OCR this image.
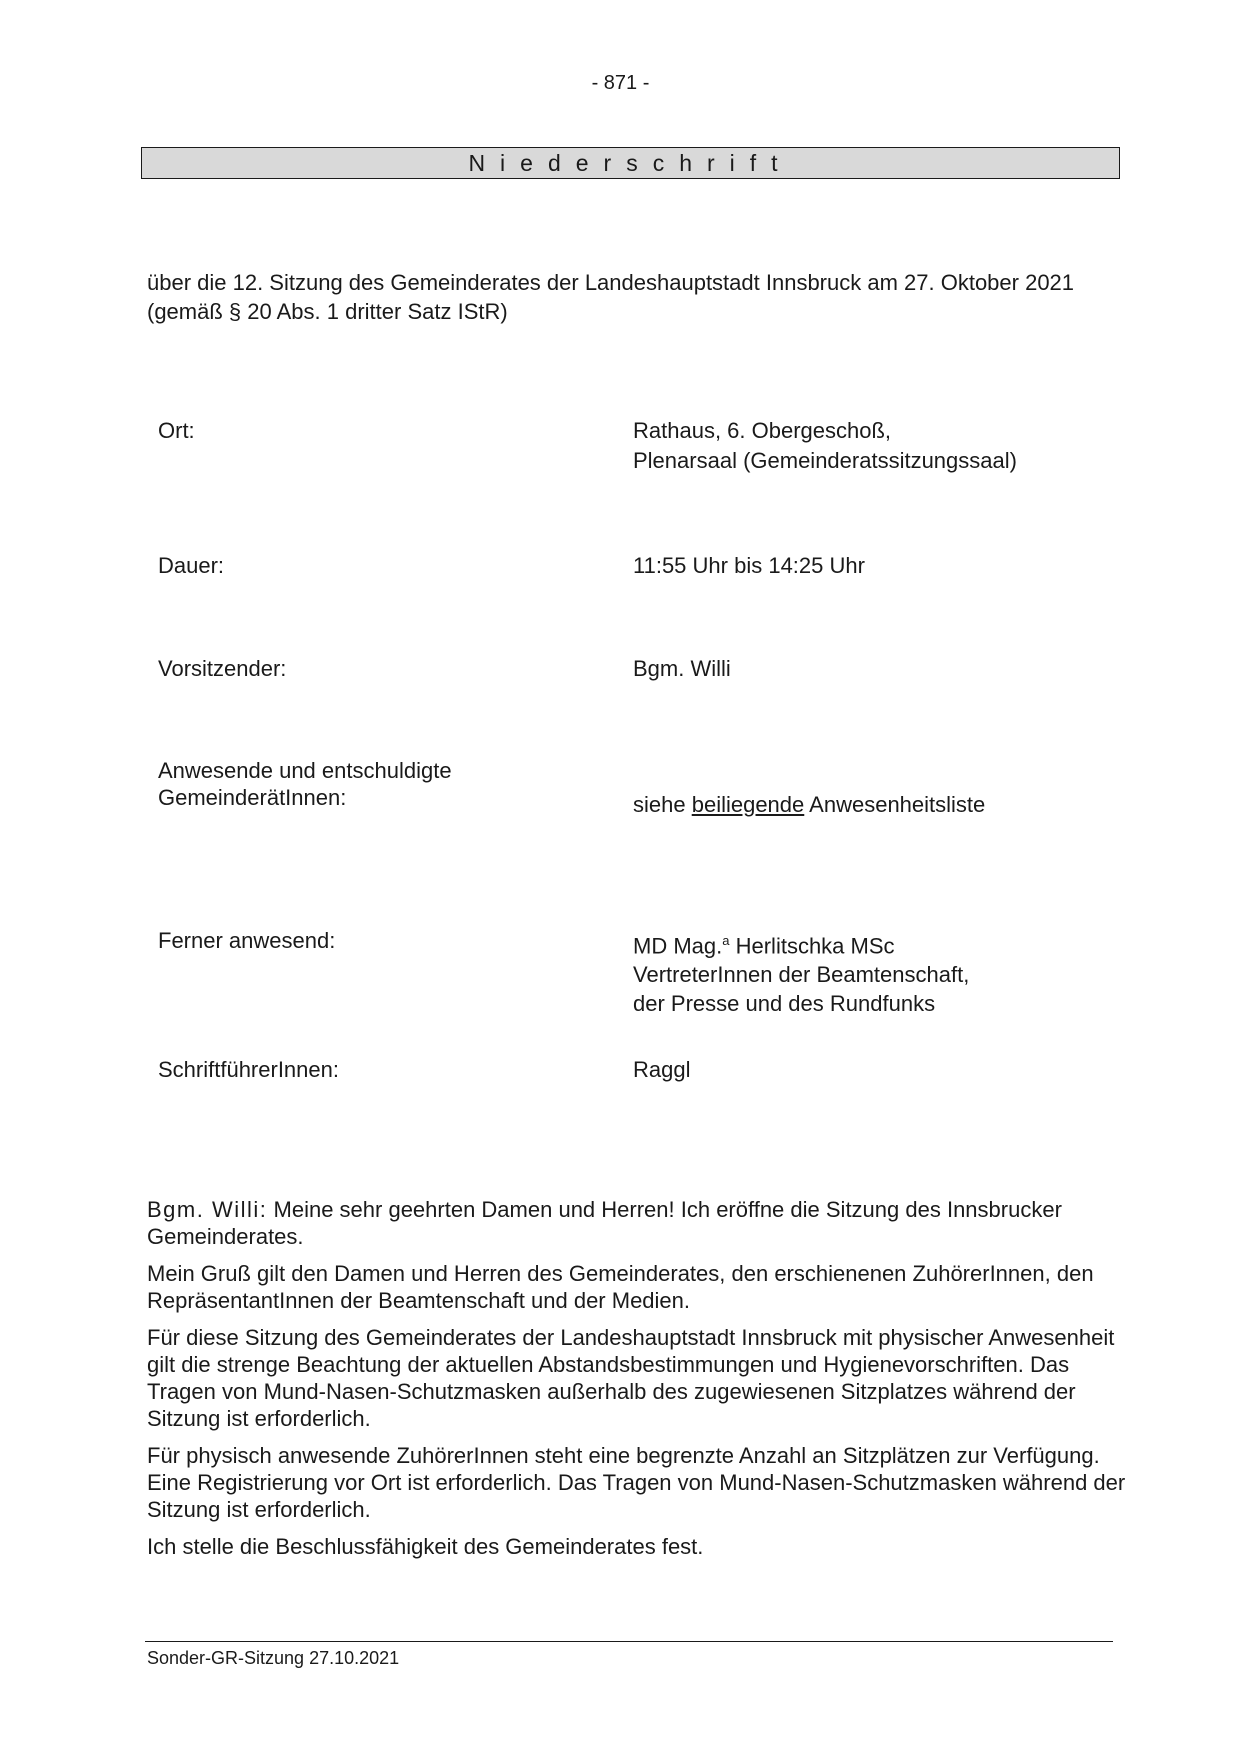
- 871 -
Niederschrift
über die 12. Sitzung des Gemeinderates der Landeshauptstadt Innsbruck am 27. Oktober 2021
(gemäß § 20 Abs. 1 dritter Satz IStR)
Ort:	Rathaus, 6. Obergeschoß,
Plenarsaal (Gemeinderatssitzungssaal)
Dauer:	11:55 Uhr bis 14:25 Uhr
Vorsitzender:	Bgm. Willi
Anwesende und entschuldigte
GemeinderätInnen:	siehe beiliegende Anwesenheitsliste
Ferner anwesend:	MD Mag.$^a$ Herlitschka MSc
VertreterInnen der Beamtenschaft,
der Presse und des Rundfunks
SchriftführerInnen:	Raggl

Bgm. Willi: Meine sehr geehrten Damen und Herren! Ich eröffne die Sitzung des Innsbrucker Gemeinderates.

Mein Gruß gilt den Damen und Herren des Gemeinderates, den erschienenen ZuhörerInnen, den RepräsentantInnen der Beamtenschaft und der Medien.

Für diese Sitzung des Gemeinderates der Landeshauptstadt Innsbruck mit physischer Anwesenheit gilt die strenge Beachtung der aktuellen Abstandsbestimmungen und Hygienevorschriften. Das Tragen von Mund-Nasen-Schutzmasken außerhalb des zugewiesenen Sitzplatzes während der Sitzung ist erforderlich.

Für physisch anwesende ZuhörerInnen steht eine begrenzte Anzahl an Sitzplätzen zur Verfügung. Eine Registrierung vor Ort ist erforderlich. Das Tragen von Mund-Nasen-Schutzmasken während der Sitzung ist erforderlich.

Ich stelle die Beschlussfähigkeit des Gemeinderates fest.

Sonder-GR-Sitzung 27.10.2021
